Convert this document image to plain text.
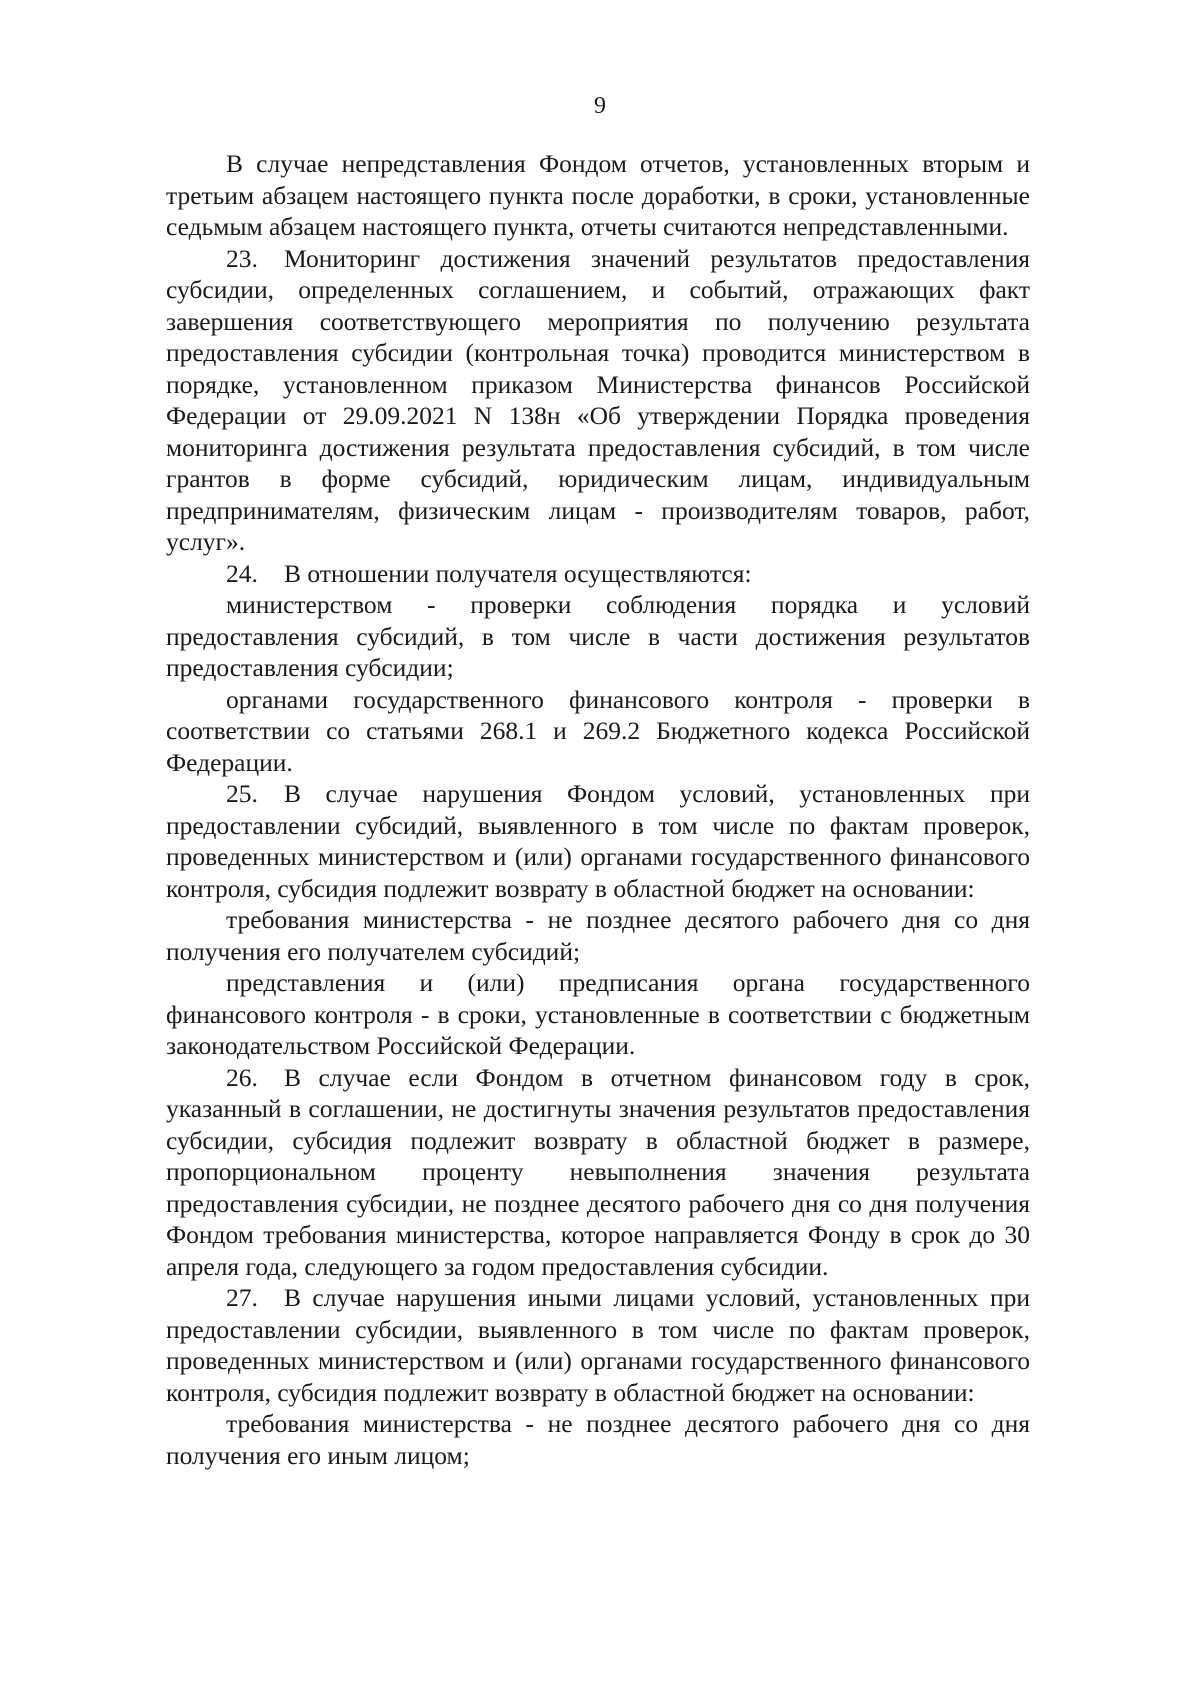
9

В случае непредставления Фондом отчетов, установленных вторым и третьим абзацем настоящего пункта после доработки, в сроки, установленные седьмым абзацем настоящего пункта, отчеты считаются непредставленными.

23. Мониторинг достижения значений результатов предоставления субсидии, определенных соглашением, и событий, отражающих факт завершения соответствующего мероприятия по получению результата предоставления субсидии (контрольная точка) проводится министерством в порядке, установленном приказом Министерства финансов Российской Федерации от 29.09.2021 N 138н «Об утверждении Порядка проведения мониторинга достижения результата предоставления субсидий, в том числе грантов в форме субсидий, юридическим лицам, индивидуальным предпринимателям, физическим лицам - производителям товаров, работ, услуг».

24. В отношении получателя осуществляются:

министерством - проверки соблюдения порядка и условий предоставления субсидий, в том числе в части достижения результатов предоставления субсидии;

органами государственного финансового контроля - проверки в соответствии со статьями 268.1 и 269.2 Бюджетного кодекса Российской Федерации.

25. В случае нарушения Фондом условий, установленных при предоставлении субсидий, выявленного в том числе по фактам проверок, проведенных министерством и (или) органами государственного финансового контроля, субсидия подлежит возврату в областной бюджет на основании:

требования министерства - не позднее десятого рабочего дня со дня получения его получателем субсидий;

представления и (или) предписания органа государственного финансового контроля - в сроки, установленные в соответствии с бюджетным законодательством Российской Федерации.

26. В случае если Фондом в отчетном финансовом году в срок, указанный в соглашении, не достигнуты значения результатов предоставления субсидии, субсидия подлежит возврату в областной бюджет в размере, пропорциональном проценту невыполнения значения результата предоставления субсидии, не позднее десятого рабочего дня со дня получения Фондом требования министерства, которое направляется Фонду в срок до 30 апреля года, следующего за годом предоставления субсидии.

27. В случае нарушения иными лицами условий, установленных при предоставлении субсидии, выявленного в том числе по фактам проверок, проведенных министерством и (или) органами государственного финансового контроля, субсидия подлежит возврату в областной бюджет на основании:

требования министерства - не позднее десятого рабочего дня со дня получения его иным лицом;
